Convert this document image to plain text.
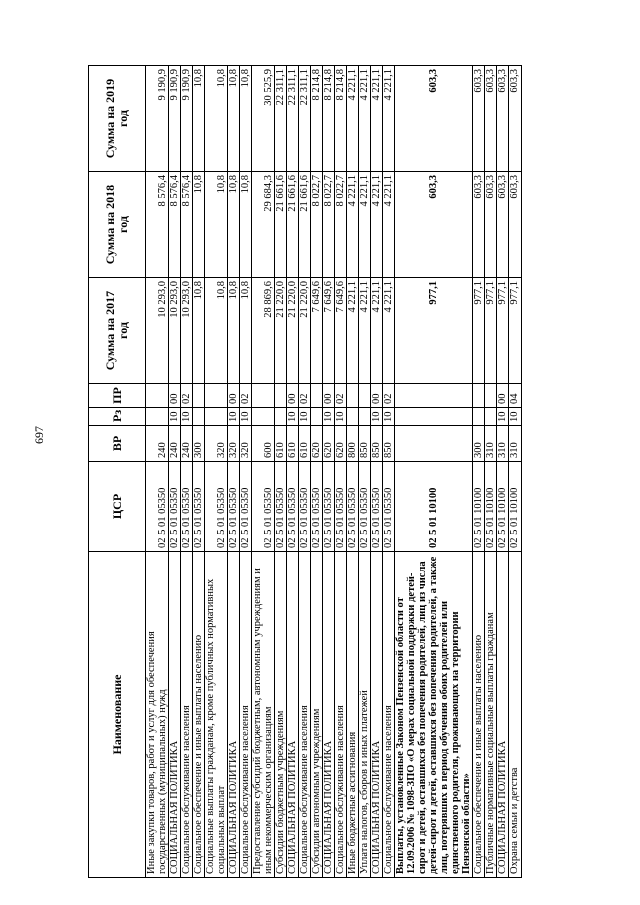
697
Наименование	ЦСР	ВР	Рз	ПР	Сумма на 2017 год	Сумма на 2018 год	Сумма на 2019 год
Иные закупки товаров, работ и услуг для обеспечения государственных (муниципальных) нужд	02 5 01 05350	240			10 293,0	8 576,4	9 190,9
СОЦИАЛЬНАЯ ПОЛИТИКА	02 5 01 05350	240	10	00	10 293,0	8 576,4	9 190,9
Социальное обслуживание населения	02 5 01 05350	240	10	02	10 293,0	8 576,4	9 190,9
Социальное обеспечение и иные выплаты населению	02 5 01 05350	300			10,8	10,8	10,8
Социальные выплаты гражданам, кроме публичных нормативных социальных выплат	02 5 01 05350	320			10,8	10,8	10,8
СОЦИАЛЬНАЯ ПОЛИТИКА	02 5 01 05350	320	10	00	10,8	10,8	10,8
Социальное обслуживание населения	02 5 01 05350	320	10	02	10,8	10,8	10,8
Предоставление субсидий бюджетным, автономным учреждениям и иным некоммерческим организациям	02 5 01 05350	600			28 869,6	29 684,3	30 525,9
Субсидии бюджетным учреждениям	02 5 01 05350	610			21 220,0	21 661,6	22 311,1
СОЦИАЛЬНАЯ ПОЛИТИКА	02 5 01 05350	610	10	00	21 220,0	21 661,6	22 311,1
Социальное обслуживание населения	02 5 01 05350	610	10	02	21 220,0	21 661,6	22 311,1
Субсидии автономным учреждениям	02 5 01 05350	620			7 649,6	8 022,7	8 214,8
СОЦИАЛЬНАЯ ПОЛИТИКА	02 5 01 05350	620	10	00	7 649,6	8 022,7	8 214,8
Социальное обслуживание населения	02 5 01 05350	620	10	02	7 649,6	8 022,7	8 214,8
Иные бюджетные ассигнования	02 5 01 05350	800			4 221,1	4 221,1	4 221,1
Уплата налогов, сборов и иных платежей	02 5 01 05350	850			4 221,1	4 221,1	4 221,1
СОЦИАЛЬНАЯ ПОЛИТИКА	02 5 01 05350	850	10	00	4 221,1	4 221,1	4 221,1
Социальное обслуживание населения	02 5 01 05350	850	10	02	4 221,1	4 221,1	4 221,1
Выплаты, установленные Законом Пензенской области от 12.09.2006 № 1098-ЗПО «О мерах социальной поддержки детей-сирот и детей, оставшихся без попечения родителей, лиц из числа детей-сирот и детей, оставшихся без попечения родителей, а также лиц, потерявших в период обучения обоих родителей или единственного родителя, проживающих на территории Пензенской области»	02 5 01 10100				977,1	603,3	603,3
Социальное обеспечение и иные выплаты населению	02 5 01 10100	300			977,1	603,3	603,3
Публичные нормативные социальные выплаты гражданам	02 5 01 10100	310			977,1	603,3	603,3
СОЦИАЛЬНАЯ ПОЛИТИКА	02 5 01 10100	310	10	00	977,1	603,3	603,3
Охрана семьи и детства	02 5 01 10100	310	10	04	977,1	603,3	603,3
